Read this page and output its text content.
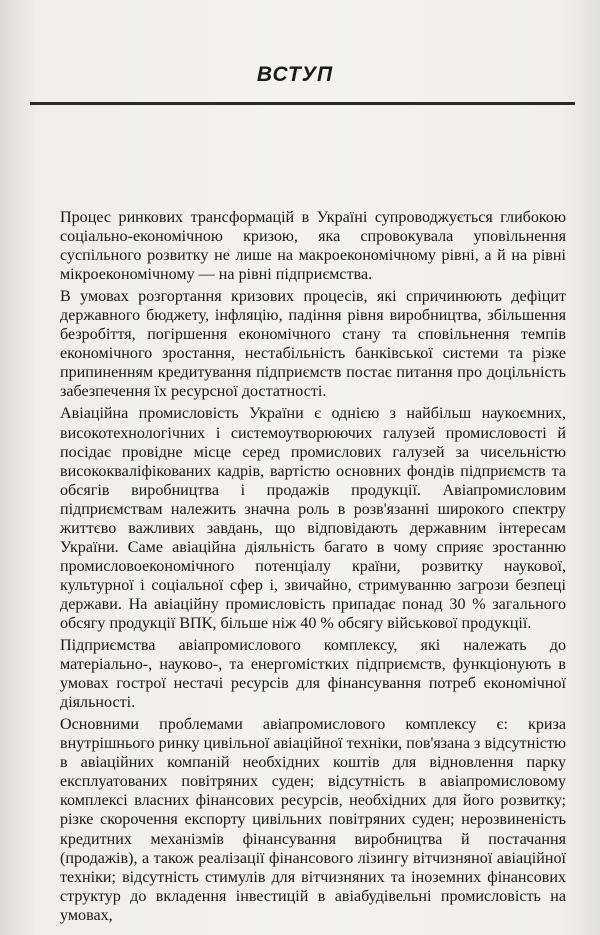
ВСТУП

Процес ринкових трансформацій в Україні супроводжується глибокою соціально-економічною кризою, яка спровокувала уповільнення суспільного розвитку не лише на макроекономічному рівні, а й на рівні мікроекономічному — на рівні підприємства.

В умовах розгортання кризових процесів, які спричинюють дефіцит державного бюджету, інфляцію, падіння рівня виробництва, збільшення безробіття, погіршення економічного стану та сповільнення темпів економічного зростання, нестабільність банківської системи та різке припиненням кредитування підприємств постає питання про доцільність забезпечення їх ресурсної достатності.

Авіаційна промисловість України є однією з найбільш наукоємних, високотехнологічних і системоутворюючих галузей промисловості й посідає провідне місце серед промислових галузей за чисельністю висококваліфікованих кадрів, вартістю основних фондів підприємств та обсягів виробництва і продажів продукції. Авіапромисловим підприємствам належить значна роль в розв'язанні широкого спектру життєво важливих завдань, що відповідають державним інтересам України. Саме авіаційна діяльність багато в чому сприяє зростанню промисловоекономічного потенціалу країни, розвитку наукової, культурної і соціальної сфер і, звичайно, стримуванню загрози безпеці держави. На авіаційну промисловість припадає понад 30 % загального обсягу продукції ВПК, більше ніж 40 % обсягу військової продукції.

Підприємства авіапромислового комплексу, які належать до матеріально-, науково-, та енергомістких підприємств, функціонують в умовах гострої нестачі ресурсів для фінансування потреб економічної діяльності.

Основними проблемами авіапромислового комплексу є: криза внутрішнього ринку цивільної авіаційної техніки, пов'язана з відсутністю в авіаційних компаній необхідних коштів для відновлення парку експлуатованих повітряних суден; відсутність в авіапромисловому комплексі власних фінансових ресурсів, необхідних для його розвитку; різке скорочення експорту цивільних повітряних суден; нерозвиненість кредитних механізмів фінансування виробництва й постачання (продажів), а також реалізації фінансового лізингу вітчизняної авіаційної техніки; відсутність стимулів для вітчизняних та іноземних фінансових структур до вкладення інвестицій в авіабудівельні промисловість на умовах,
